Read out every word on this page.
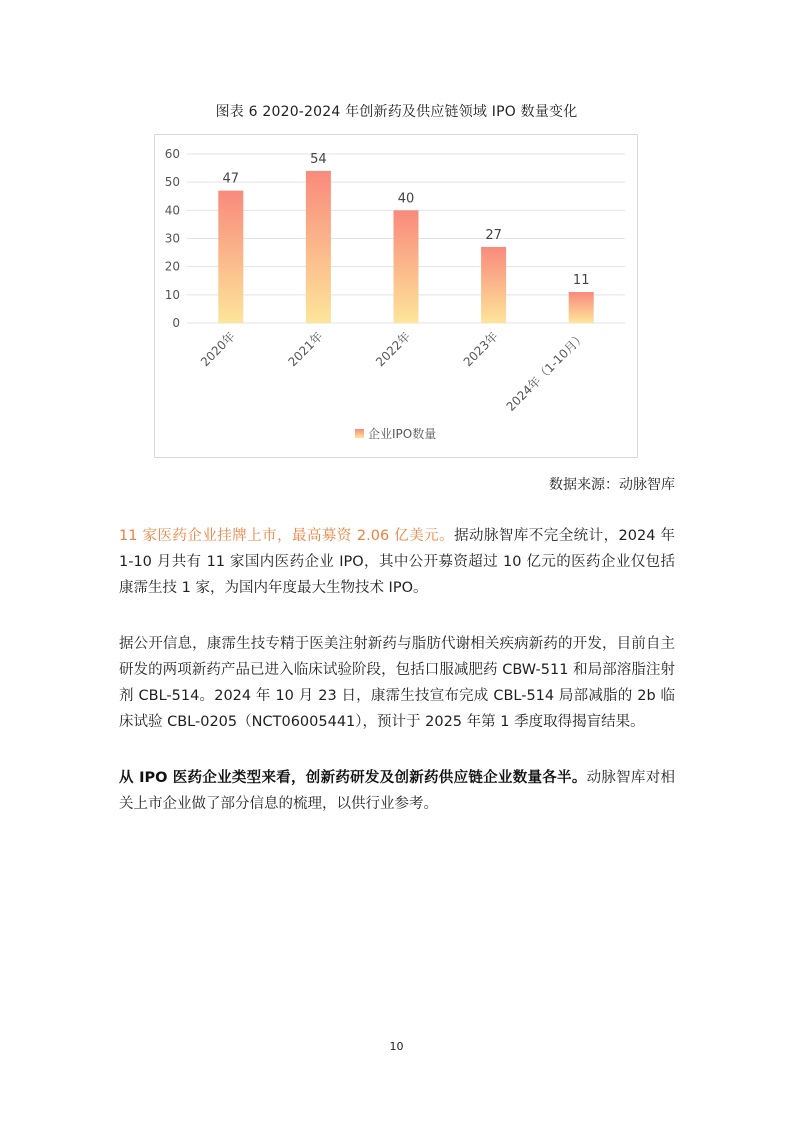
图表 6 2020-2024 年创新药及供应链领域 IPO 数量变化
0
10
20
30
40
50
60
47
2020年
54
2021年
40
2022年
27
2023年
11
2024年（1-10月）
企业IPO数量
数据来源：动脉智库

11 家医药企业挂牌上市，最高募资 2.06 亿美元。据动脉智库不完全统计，2024 年 1-10 月共有 11 家国内医药企业 IPO，其中公开募资超过 10 亿元的医药企业仅包括康霈生技 1 家，为国内年度最大生物技术 IPO。

据公开信息，康霈生技专精于医美注射新药与脂肪代谢相关疾病新药的开发，目前自主研发的两项新药产品已进入临床试验阶段，包括口服减肥药 CBW-511 和局部溶脂注射剂 CBL-514。2024 年 10 月 23 日，康霈生技宣布完成 CBL-514 局部减脂的 2b 临床试验 CBL-0205（NCT06005441），预计于 2025 年第 1 季度取得揭盲结果。

从 IPO 医药企业类型来看，创新药研发及创新药供应链企业数量各半。动脉智库对相关上市企业做了部分信息的梳理，以供行业参考。

10
